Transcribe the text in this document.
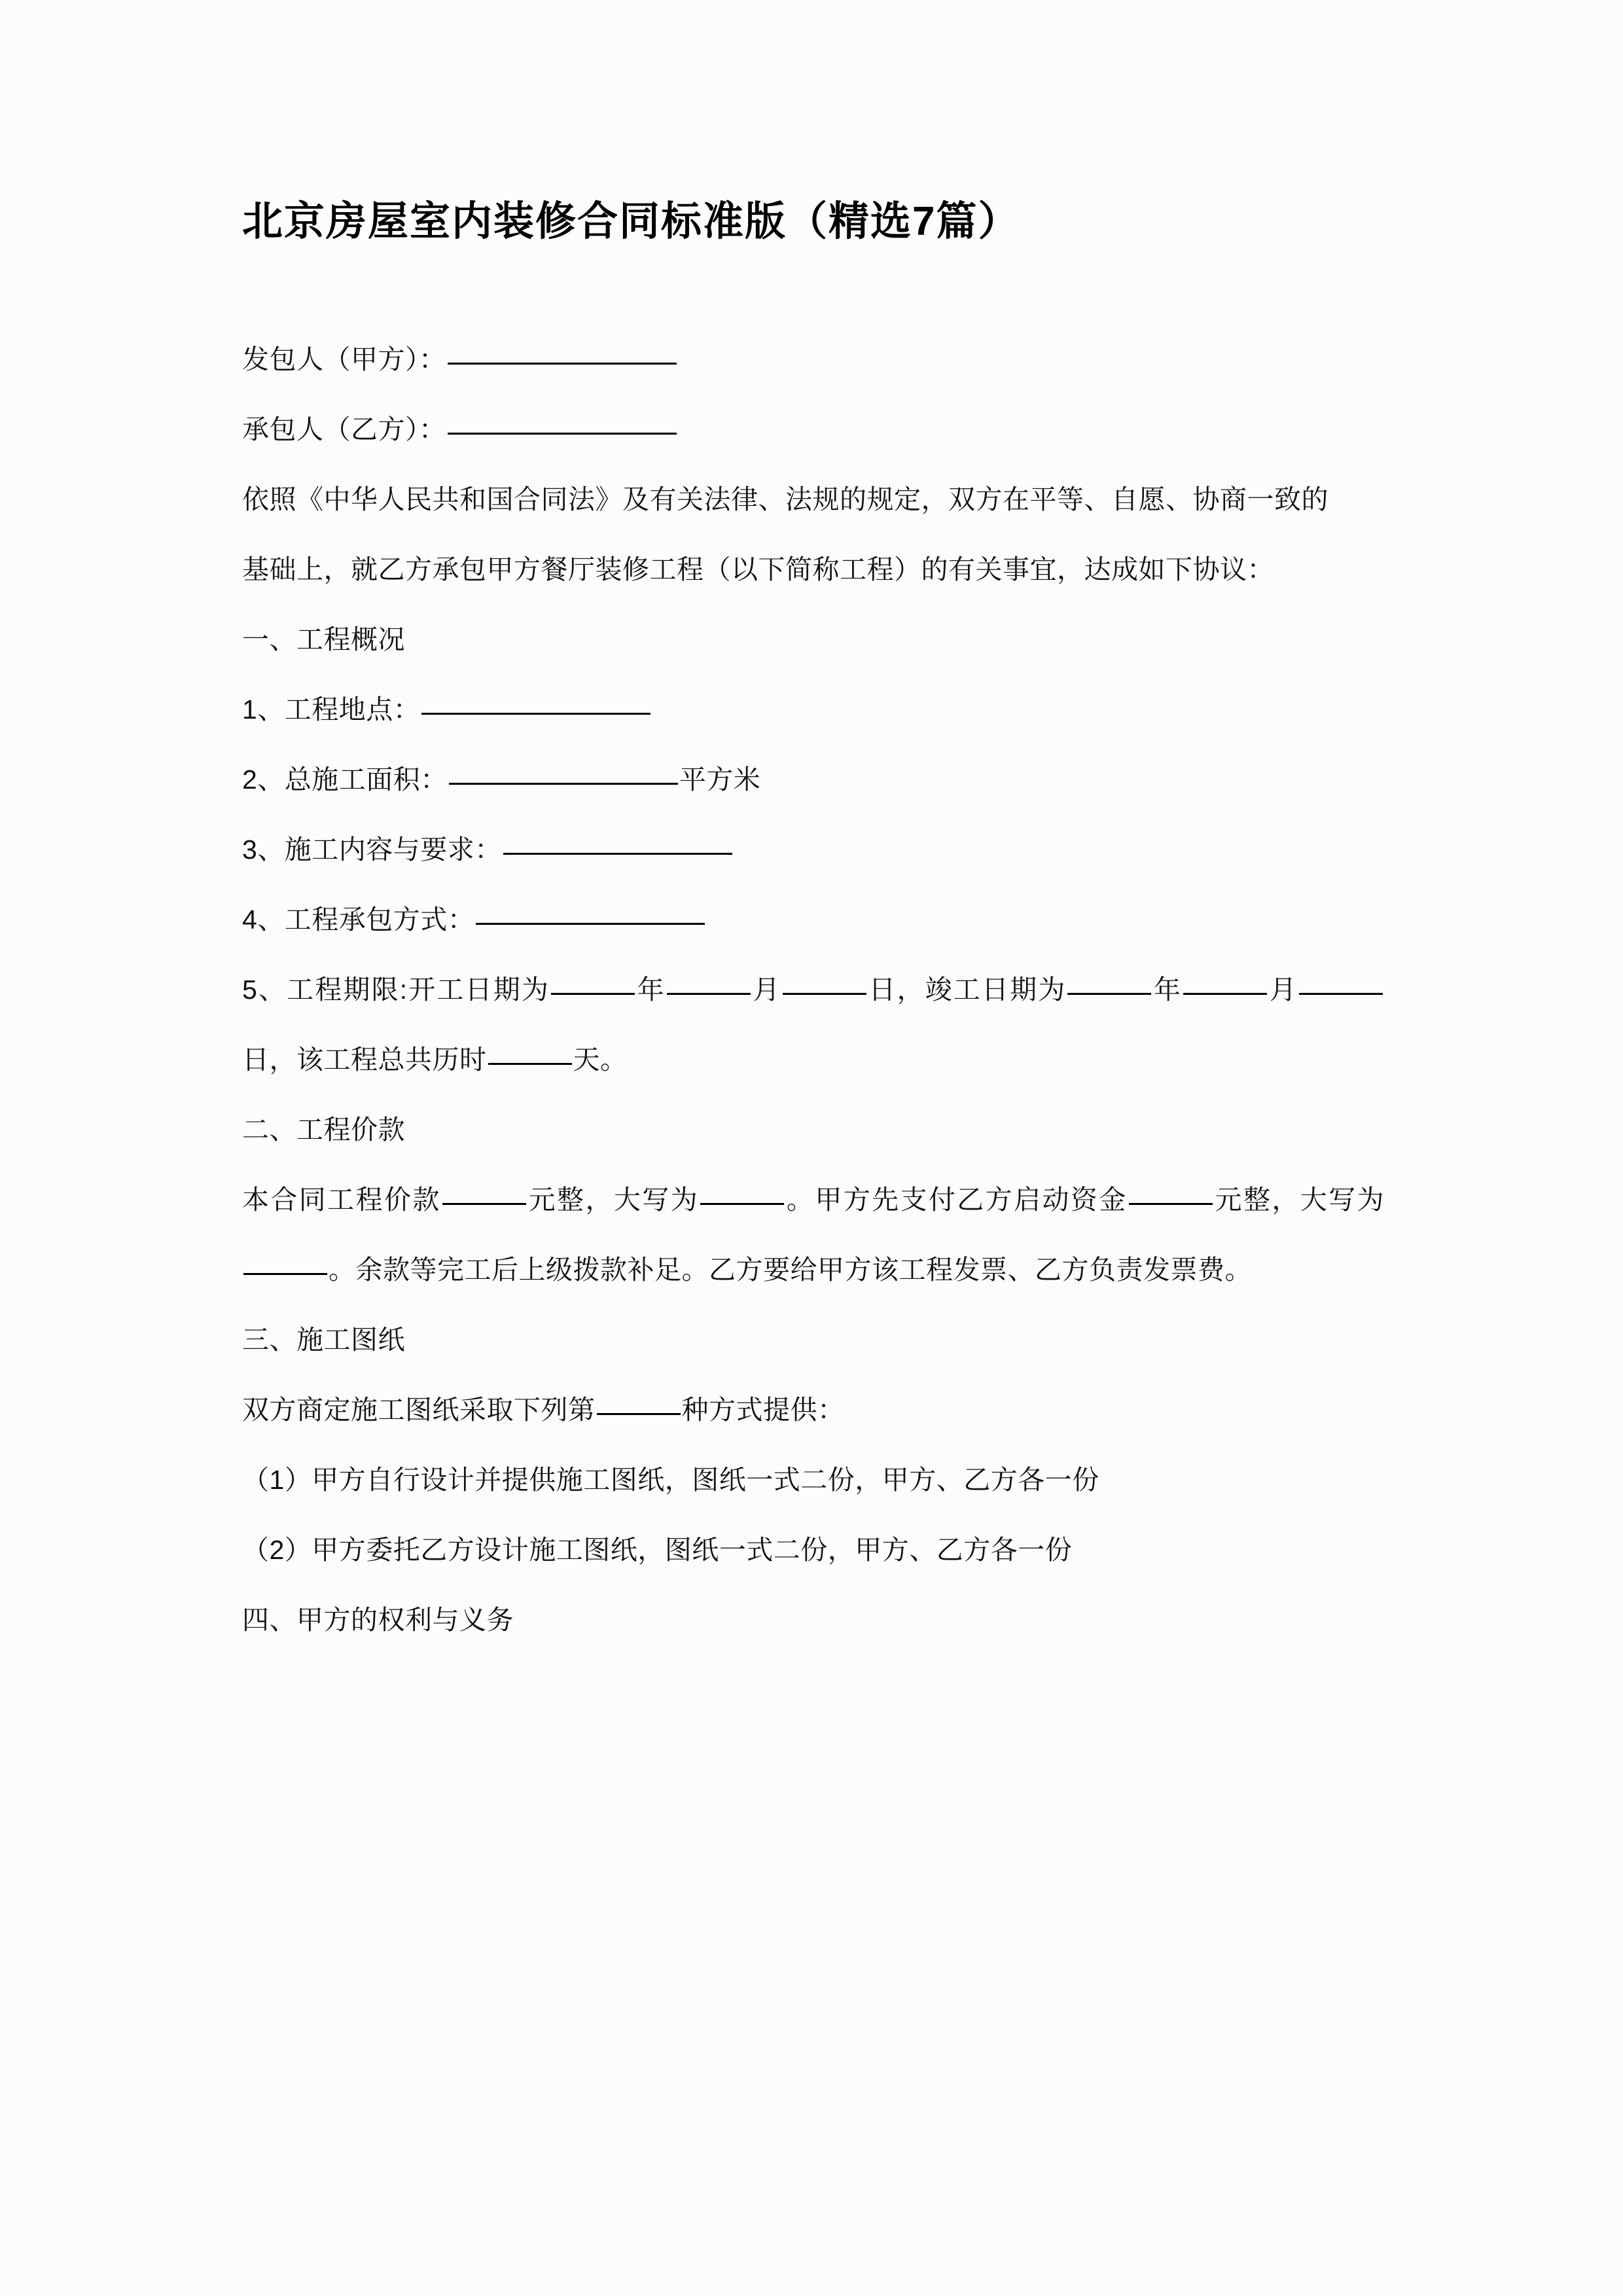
北京房屋室内装修合同标准版（精选7篇）

发包人（甲方）：

承包人（乙方）：

依照《中华人民共和国合同法》及有关法律、法规的规定，双方在平等、自愿、协商一致的

基础上，就乙方承包甲方餐厅装修工程（以下简称工程）的有关事宜，达成如下协议：

一、工程概况

1、工程地点：

2、总施工面积：	平方米

3、施工内容与要求：

4、工程承包方式：

5、工程期限:开工日期为	年	月	日，竣工日期为	年	月日，该工程总共历时	天。

二、工程价款

本合同工程价款	元整，大写为	。甲方先支付乙方启动资金	元整，大写为。余款等完工后上级拨款补足。乙方要给甲方该工程发票、乙方负责发票费。

三、施工图纸

双方商定施工图纸采取下列第	种方式提供：

（1）甲方自行设计并提供施工图纸，图纸一式二份，甲方、乙方各一份

（2）甲方委托乙方设计施工图纸，图纸一式二份，甲方、乙方各一份

四、甲方的权利与义务
